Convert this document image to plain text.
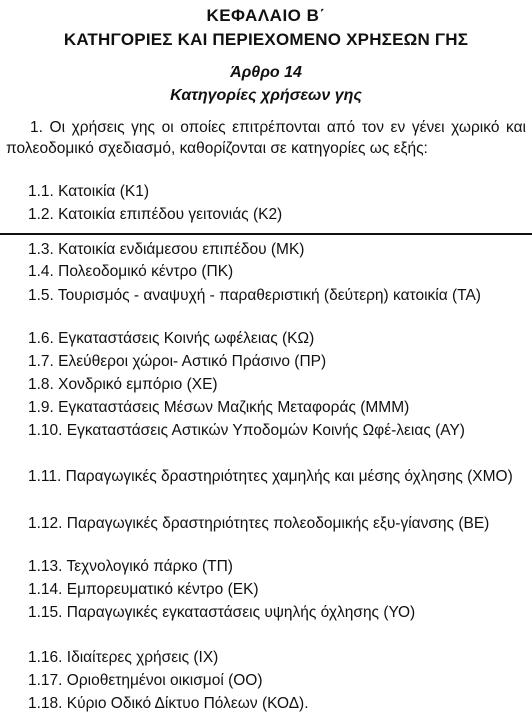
ΚΕΦΑΛΑΙΟ Β΄
ΚΑΤΗΓΟΡΙΕΣ ΚΑΙ ΠΕΡΙΕΧΟΜΕΝΟ ΧΡΗΣΕΩΝ ΓΗΣ
Άρθρο 14
Κατηγορίες χρήσεων γης
1. Οι χρήσεις γης οι οποίες επιτρέπονται από τον εν γένει χωρικό και πολεοδομικό σχεδιασμό, καθορίζονται σε κατηγορίες ως εξής:
1.1. Κατοικία (Κ1)
1.2. Κατοικία επιπέδου γειτονιάς (Κ2)
1.3. Κατοικία ενδιάμεσου επιπέδου (ΜΚ)
1.4. Πολεοδομικό κέντρο (ΠΚ)
1.5. Τουρισμός - αναψυχή - παραθεριστική (δεύτερη) κατοικία (ΤΑ)
1.6. Εγκαταστάσεις Κοινής ωφέλειας (ΚΩ)
1.7. Ελεύθεροι χώροι- Αστικό Πράσινο (ΠΡ)
1.8. Χονδρικό εμπόριο (ΧΕ)
1.9. Εγκαταστάσεις Μέσων Μαζικής Μεταφοράς (ΜΜΜ)
1.10. Εγκαταστάσεις Αστικών Υποδομών Κοινής Ωφέ-λειας (ΑΥ)
1.11. Παραγωγικές δραστηριότητες χαμηλής και μέσης όχλησης (ΧΜΟ)
1.12. Παραγωγικές δραστηριότητες πολεοδομικής εξυ-γίανσης (ΒΕ)
1.13. Τεχνολογικό πάρκο (ΤΠ)
1.14. Εμπορευματικό κέντρο (ΕΚ)
1.15. Παραγωγικές εγκαταστάσεις υψηλής όχλησης (ΥΟ)
1.16. Ιδιαίτερες χρήσεις (ΙΧ)
1.17. Οριοθετημένοι οικισμοί (ΟΟ)
1.18. Κύριο Οδικό Δίκτυο Πόλεων (ΚΟΔ).
